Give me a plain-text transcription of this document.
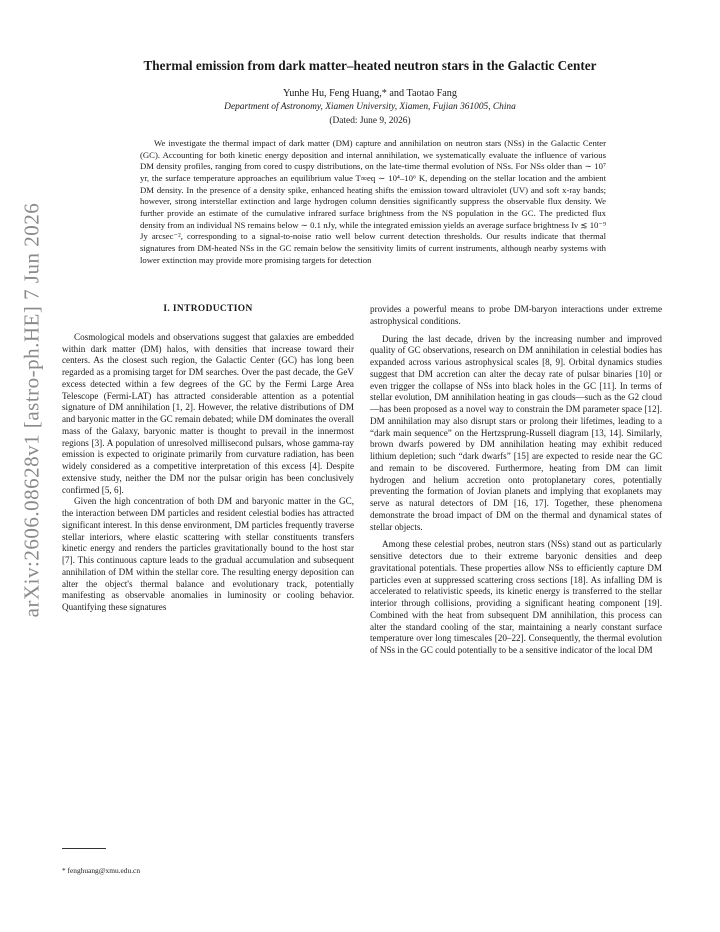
arXiv:2606.08628v1 [astro-ph.HE] 7 Jun 2026
Thermal emission from dark matter–heated neutron stars in the Galactic Center
Yunhe Hu, Feng Huang,* and Taotao Fang
Department of Astronomy, Xiamen University, Xiamen, Fujian 361005, China
(Dated: June 9, 2026)
We investigate the thermal impact of dark matter (DM) capture and annihilation on neutron stars (NSs) in the Galactic Center (GC). Accounting for both kinetic energy deposition and internal annihilation, we systematically evaluate the influence of various DM density profiles, ranging from cored to cuspy distributions, on the late-time thermal evolution of NSs. For NSs older than ∼ 10⁷ yr, the surface temperature approaches an equilibrium value T∞eq ∼ 10⁴–10⁶ K, depending on the stellar location and the ambient DM density. In the presence of a density spike, enhanced heating shifts the emission toward ultraviolet (UV) and soft x-ray bands; however, strong interstellar extinction and large hydrogen column densities significantly suppress the observable flux density. We further provide an estimate of the cumulative infrared surface brightness from the NS population in the GC. The predicted flux density from an individual NS remains below ∼ 0.1 nJy, while the integrated emission yields an average surface brightness Iν ≲ 10⁻⁹ Jy arcsec⁻², corresponding to a signal-to-noise ratio well below current detection thresholds. Our results indicate that thermal signatures from DM-heated NSs in the GC remain below the sensitivity limits of current instruments, although nearby systems with lower extinction may provide more promising targets for detection
I. INTRODUCTION

Cosmological models and observations suggest that galaxies are embedded within dark matter (DM) halos, with densities that increase toward their centers. As the closest such region, the Galactic Center (GC) has long been regarded as a promising target for DM searches. Over the past decade, the GeV excess detected within a few degrees of the GC by the Fermi Large Area Telescope (Fermi-LAT) has attracted considerable attention as a potential signature of DM annihilation [1, 2]. However, the relative distributions of DM and baryonic matter in the GC remain debated; while DM dominates the overall mass of the Galaxy, baryonic matter is thought to prevail in the innermost regions [3]. A population of unresolved millisecond pulsars, whose gamma-ray emission is expected to originate primarily from curvature radiation, has been widely considered as a competitive interpretation of this excess [4]. Despite extensive study, neither the DM nor the pulsar origin has been conclusively confirmed [5, 6].

Given the high concentration of both DM and baryonic matter in the GC, the interaction between DM particles and resident celestial bodies has attracted significant interest. In this dense environment, DM particles frequently traverse stellar interiors, where elastic scattering with stellar constituents transfers kinetic energy and renders the particles gravitationally bound to the host star [7]. This continuous capture leads to the gradual accumulation and subsequent annihilation of DM within the stellar core. The resulting energy deposition can alter the object's thermal balance and evolutionary track, potentially manifesting as observable anomalies in luminosity or cooling behavior. Quantifying these signatures

provides a powerful means to probe DM-baryon interactions under extreme astrophysical conditions.

During the last decade, driven by the increasing number and improved quality of GC observations, research on DM annihilation in celestial bodies has expanded across various astrophysical scales [8, 9]. Orbital dynamics studies suggest that DM accretion can alter the decay rate of pulsar binaries [10] or even trigger the collapse of NSs into black holes in the GC [11]. In terms of stellar evolution, DM annihilation heating in gas clouds—such as the G2 cloud—has been proposed as a novel way to constrain the DM parameter space [12]. DM annihilation may also disrupt stars or prolong their lifetimes, leading to a “dark main sequence” on the Hertzsprung-Russell diagram [13, 14]. Similarly, brown dwarfs powered by DM annihilation heating may exhibit reduced lithium depletion; such “dark dwarfs” [15] are expected to reside near the GC and remain to be discovered. Furthermore, heating from DM can limit hydrogen and helium accretion onto protoplanetary cores, potentially preventing the formation of Jovian planets and implying that exoplanets may serve as natural detectors of DM [16, 17]. Together, these phenomena demonstrate the broad impact of DM on the thermal and dynamical states of stellar objects.

Among these celestial probes, neutron stars (NSs) stand out as particularly sensitive detectors due to their extreme baryonic densities and deep gravitational potentials. These properties allow NSs to efficiently capture DM particles even at suppressed scattering cross sections [18]. As infalling DM is accelerated to relativistic speeds, its kinetic energy is transferred to the stellar interior through collisions, providing a significant heating component [19]. Combined with the heat from subsequent DM annihilation, this process can alter the standard cooling of the star, maintaining a nearly constant surface temperature over long timescales [20–22]. Consequently, the thermal evolution of NSs in the GC could potentially to be a sensitive indicator of the local DM

* fenghuang@xmu.edu.cn
